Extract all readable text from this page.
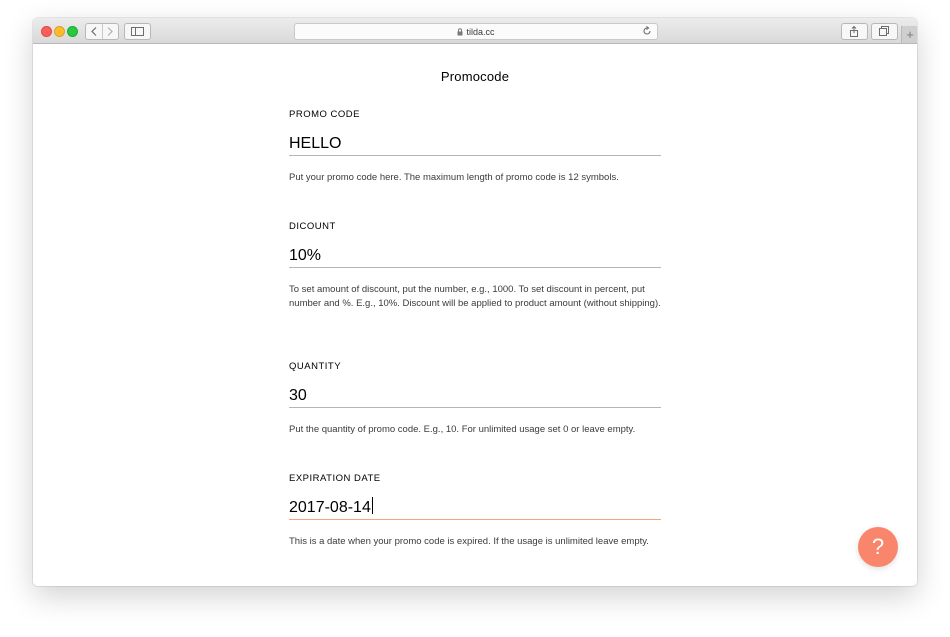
tilda.cc	+
Promocode
PROMO CODE
HELLO
Put your promo code here. The maximum length of promo code is 12 symbols.
DICOUNT
10%
To set amount of discount, put the number, e.g., 1000. To set discount in percent, put number and %. E.g., 10%. Discount will be applied to product amount (without shipping).
QUANTITY
30
Put the quantity of promo code. E.g., 10. For unlimited usage set 0 or leave empty.
EXPIRATION DATE
2017-08-14
This is a date when your promo code is expired. If the usage is unlimited leave empty.	?
